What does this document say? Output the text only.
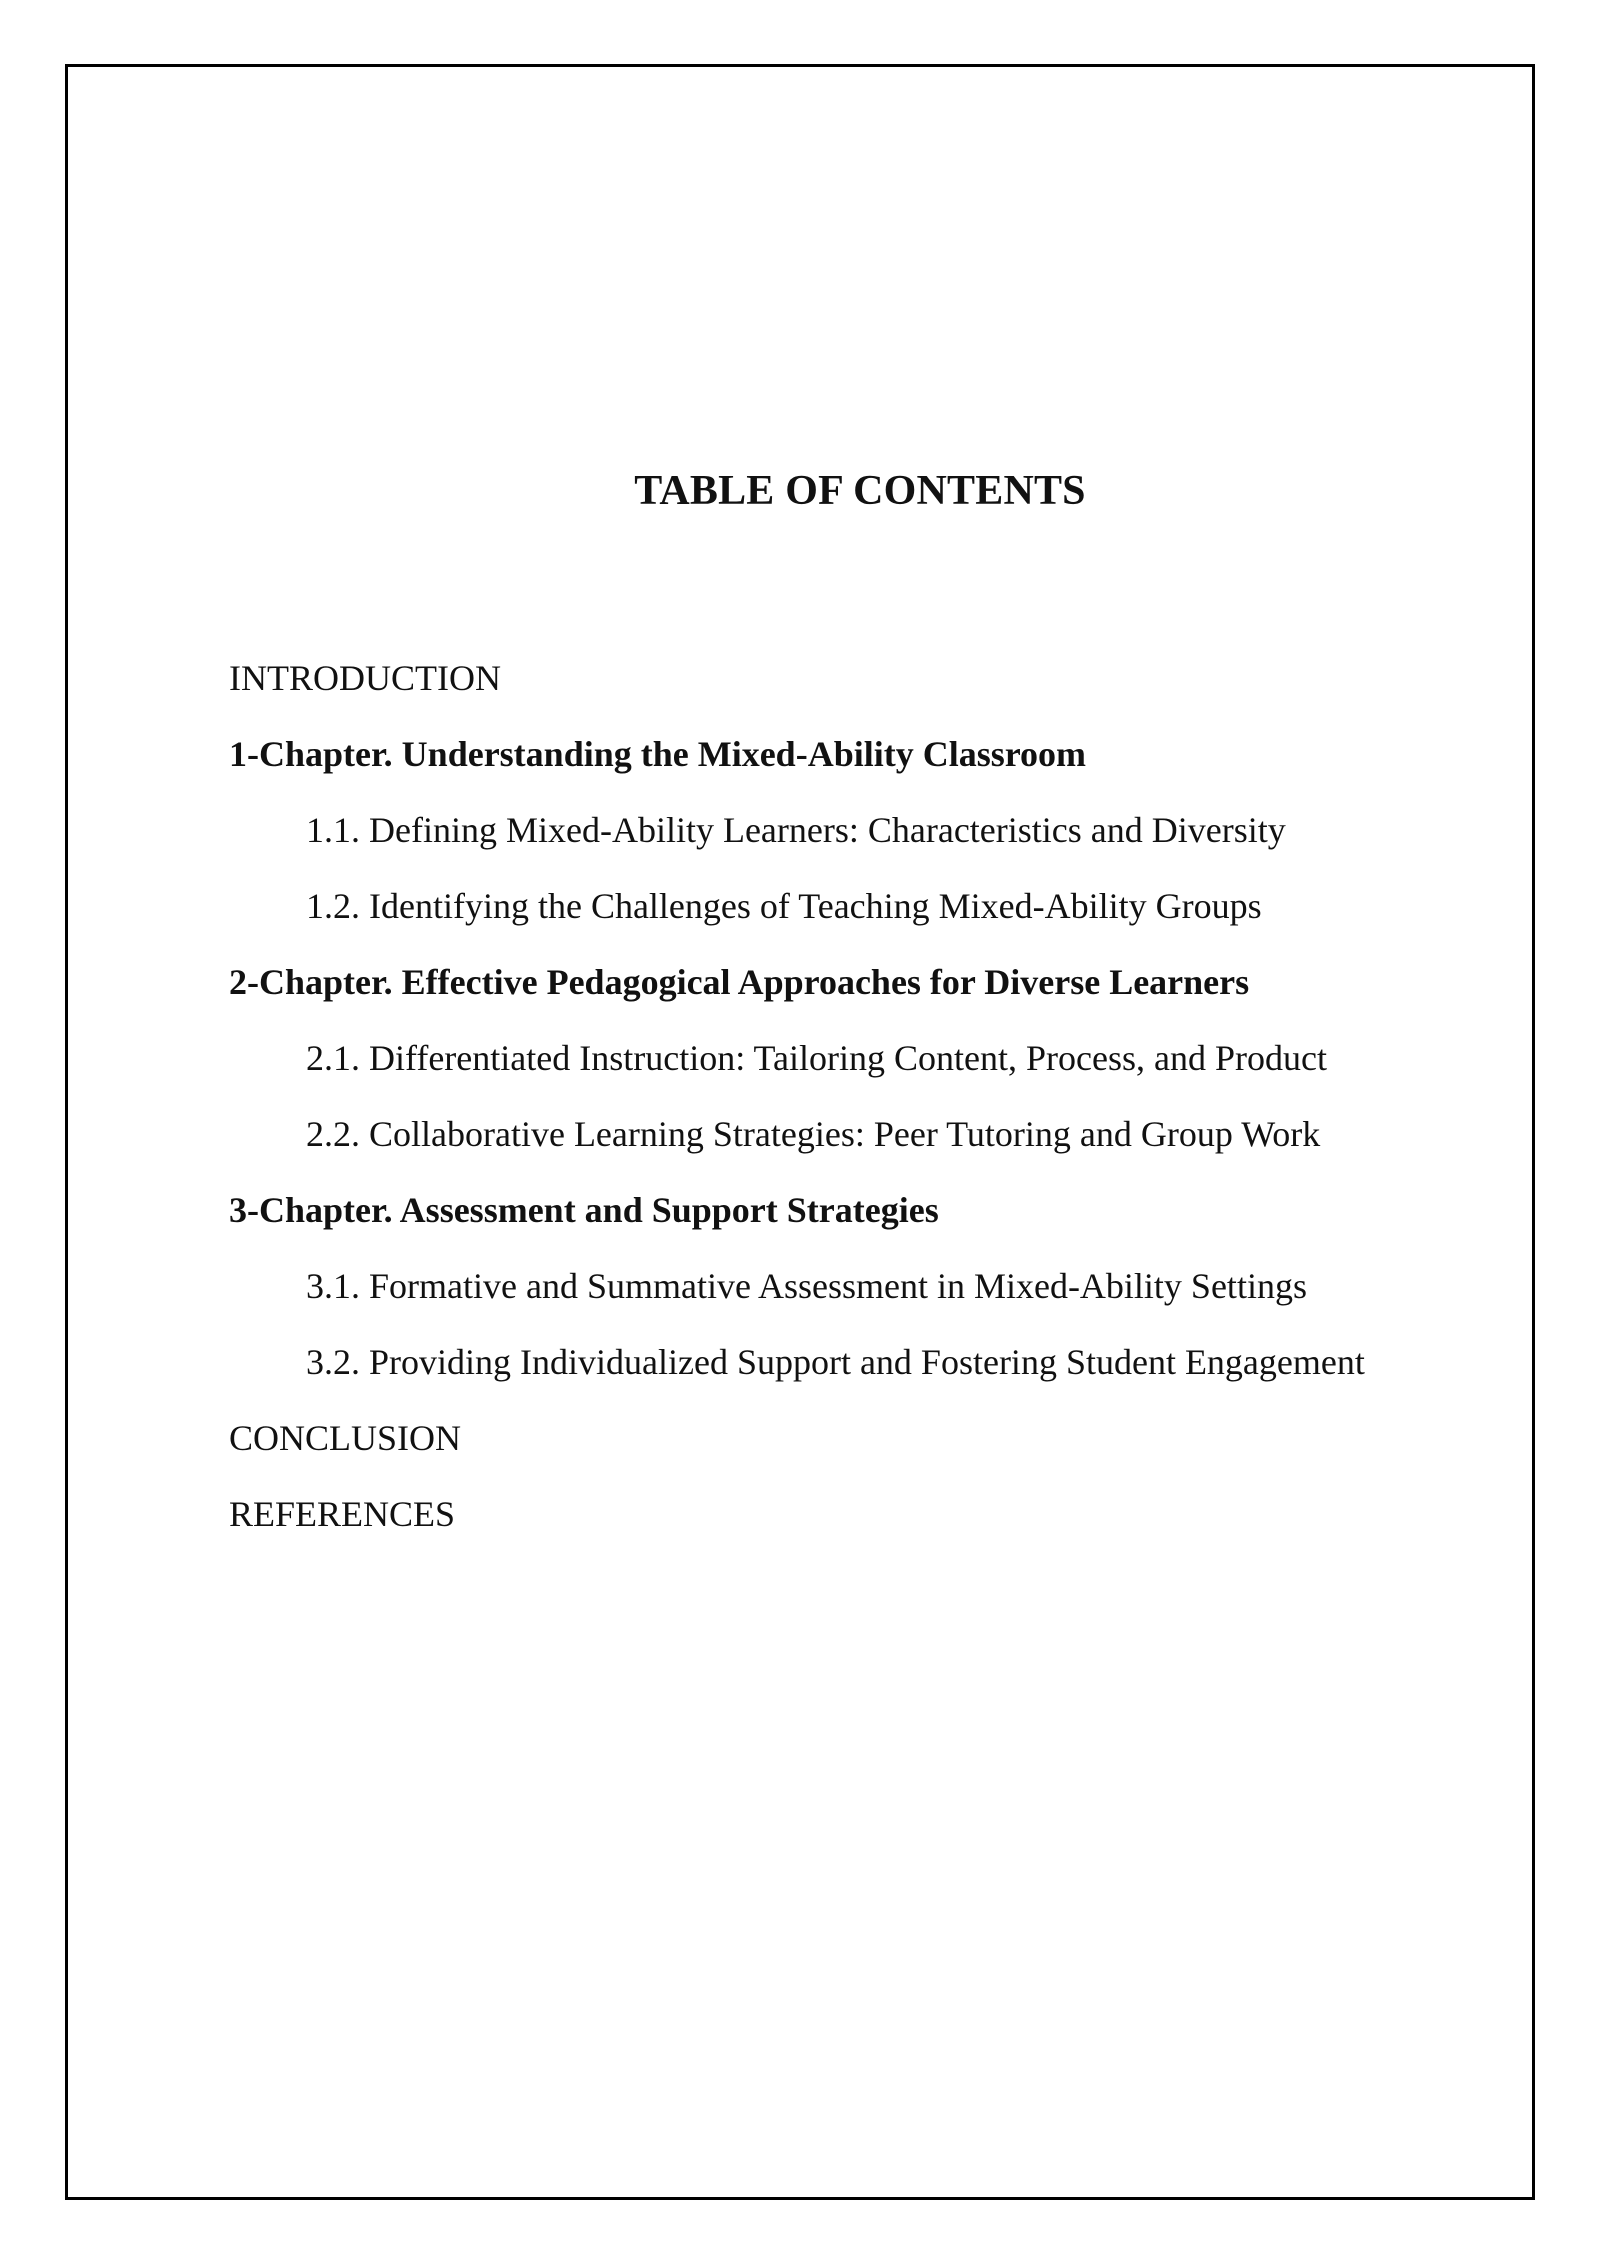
TABLE OF CONTENTS
INTRODUCTION
1-Chapter. Understanding the Mixed-Ability Classroom
1.1. Defining Mixed-Ability Learners: Characteristics and Diversity
1.2. Identifying the Challenges of Teaching Mixed-Ability Groups
2-Chapter. Effective Pedagogical Approaches for Diverse Learners
2.1. Differentiated Instruction: Tailoring Content, Process, and Product
2.2. Collaborative Learning Strategies: Peer Tutoring and Group Work
3-Chapter. Assessment and Support Strategies
3.1. Formative and Summative Assessment in Mixed-Ability Settings
3.2. Providing Individualized Support and Fostering Student Engagement
CONCLUSION
REFERENCES
